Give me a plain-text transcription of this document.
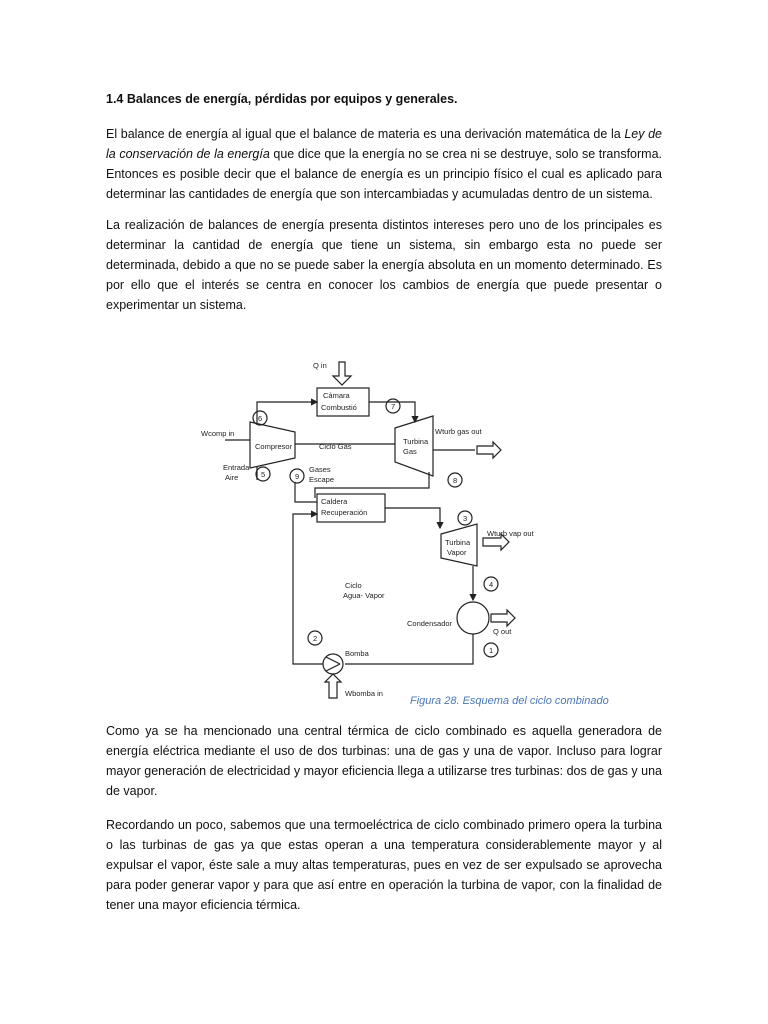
1.4 Balances de energía, pérdidas por equipos y generales.

El balance de energía al igual que el balance de materia es una derivación matemática de la Ley de la conservación de la energía que dice que la energía no se crea ni se destruye, solo se transforma. Entonces es posible decir que el balance de energía es un principio físico el cual es aplicado para determinar las cantidades de energía que son intercambiadas y acumuladas dentro de un sistema.

La realización de balances de energía presenta distintos intereses pero uno de los principales es determinar la cantidad de energía que tiene un sistema, sin embargo esta no puede ser determinada, debido a que no se puede saber la energía absoluta en un momento determinado. Es por ello que el interés se centra en conocer los cambios de energía que puede presentar o experimentar un sistema.

Q in
Cámara
Combustió
Wcomp in
Compresor	Ciclo Gas
Turbina
Gas
Wturb gas out
Entrada
Aire
Gases
Escape
Caldera
Recuperación
Turbina
Vapor
Wturb vap out
Ciclo
Agua- Vapor
Condensador
Q out
Bomba
Wbomba in
7
6
5	9	8
3
4
2
1

Figura 28. Esquema del ciclo combinado

Como ya se ha mencionado una central térmica de ciclo combinado es aquella generadora de energía eléctrica mediante el uso de dos turbinas: una de gas y una de vapor. Incluso para lograr mayor generación de electricidad y mayor eficiencia llega a utilizarse tres turbinas: dos de gas y una de vapor.

Recordando un poco, sabemos que una termoeléctrica de ciclo combinado primero opera la turbina o las turbinas de gas ya que estas operan a una temperatura considerablemente mayor y al expulsar el vapor, éste sale a muy altas temperaturas, pues en vez de ser expulsado se aprovecha para poder generar vapor y para que así entre en operación la turbina de vapor, con la finalidad de tener una mayor eficiencia térmica.
